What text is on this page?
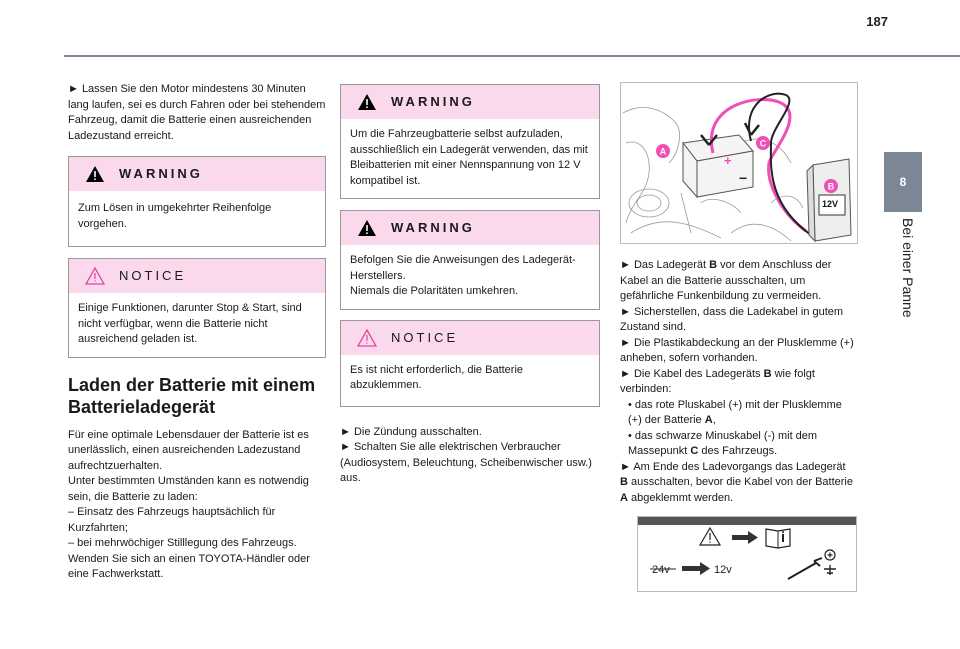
187
8
Bei einer Panne

► Lassen Sie den Motor mindestens 30 Minuten lang laufen, sei es durch Fahren oder bei stehendem Fahrzeug, damit die Batterie einen ausreichenden Ladezustand erreicht.

WARNING

Zum Lösen in umgekehrter Reihenfolge vorgehen.

NOTICE

Einige Funktionen, darunter Stop & Start, sind nicht verfügbar, wenn die Batterie nicht ausreichend geladen ist.

Laden der Batterie mit einem Batterieladegerät

Für eine optimale Lebensdauer der Batterie ist es unerlässlich, einen ausreichenden Ladezustand aufrechtzuerhalten.

Unter bestimmten Umständen kann es notwendig sein, die Batterie zu laden:

– Einsatz des Fahrzeugs hauptsächlich für Kurzfahrten;

– bei mehrwöchiger Stilllegung des Fahrzeugs.

Wenden Sie sich an einen TOYOTA-Händler oder eine Fachwerkstatt.

WARNING

Um die Fahrzeugbatterie selbst aufzuladen, ausschließlich ein Ladegerät verwenden, das mit Bleibatterien mit einer Nennspannung von 12 V kompatibel ist.

WARNING

Befolgen Sie die Anweisungen des Ladegerät-Herstellers.

Niemals die Polaritäten umkehren.

NOTICE

Es ist nicht erforderlich, die Batterie abzuklemmen.

► Die Zündung ausschalten.

► Schalten Sie alle elektrischen Verbraucher (Audiosystem, Beleuchtung, Scheibenwischer usw.) aus.

+
−
12V
A
C
B

► Das Ladegerät B vor dem Anschluss der Kabel an die Batterie ausschalten, um gefährliche Funkenbildung zu vermeiden.

► Sicherstellen, dass die Ladekabel in gutem Zustand sind.

► Die Plastikabdeckung an der Plusklemme (+) anheben, sofern vorhanden.

► Die Kabel des Ladegeräts B wie folgt verbinden:

• das rote Pluskabel (+) mit der Plusklemme (+) der Batterie A,

• das schwarze Minuskabel (-) mit dem Massepunkt C des Fahrzeugs.

► Am Ende des Ladevorgangs das Ladegerät B ausschalten, bevor die Kabel von der Batterie A abgeklemmt werden.

24v	12v
